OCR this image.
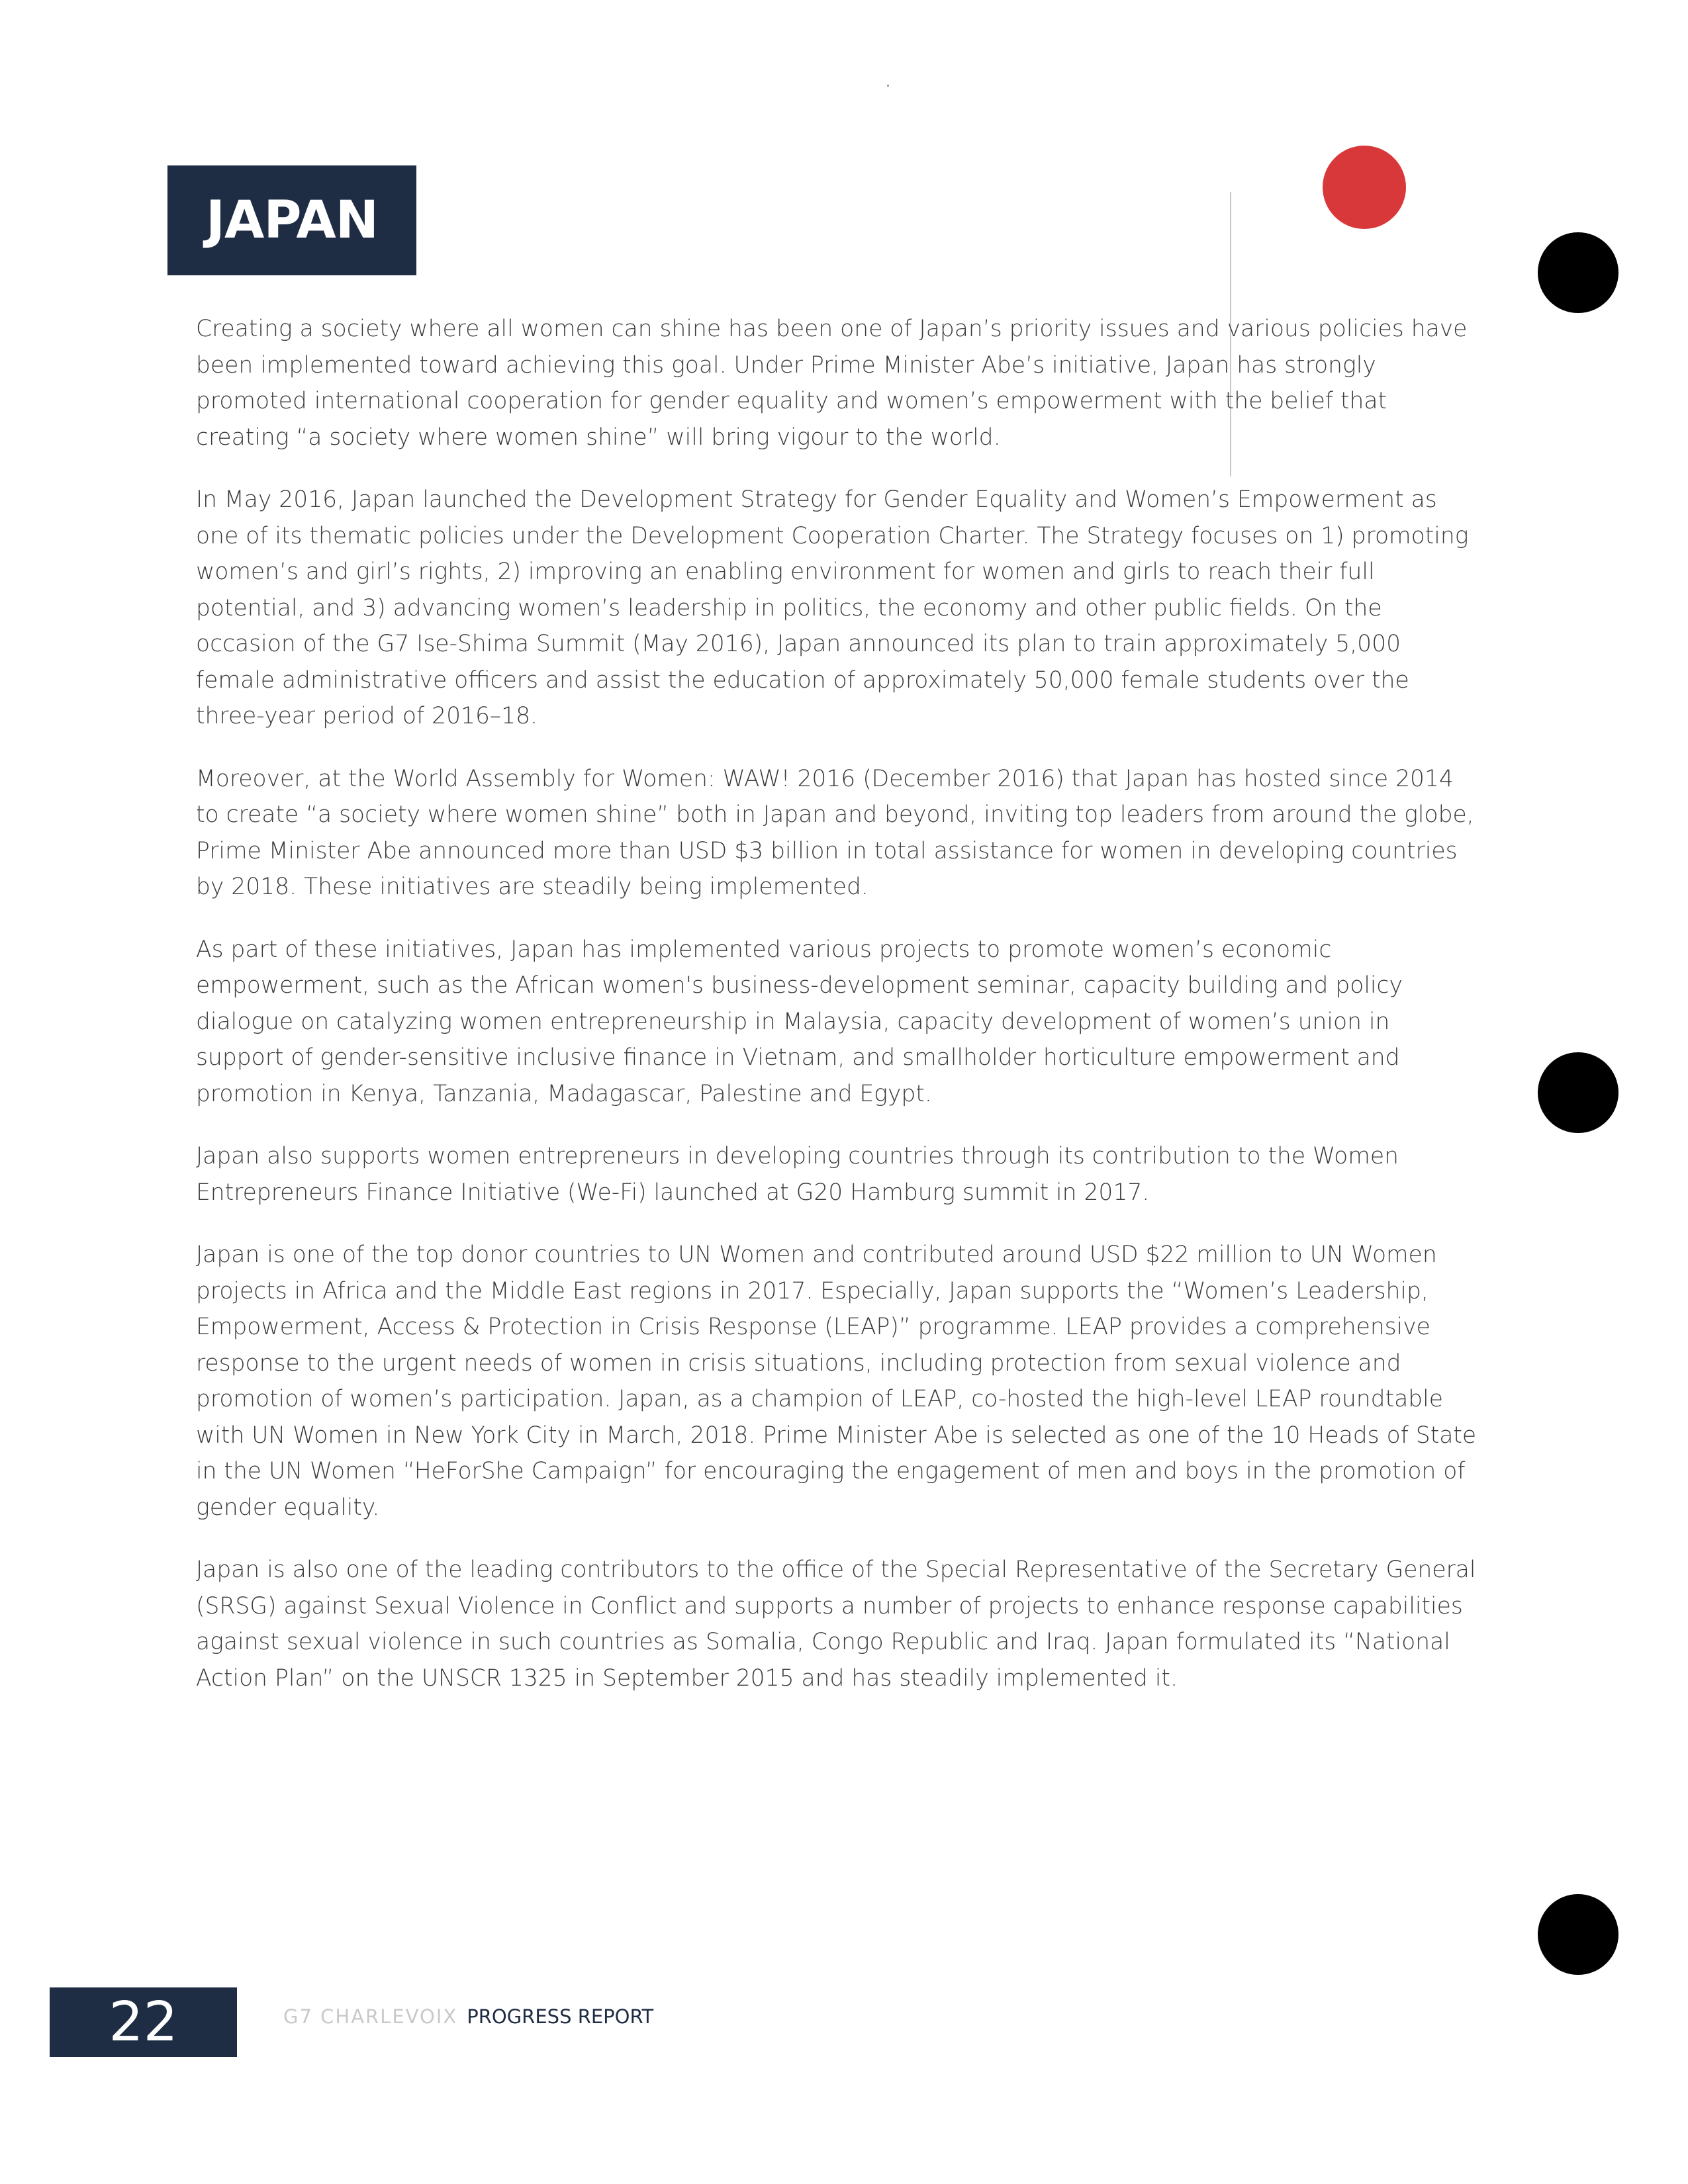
JAPAN

Creating a society where all women can shine has been one of Japan’s priority issues and various policies have been implemented toward achieving this goal. Under Prime Minister Abe’s initiative, Japan has strongly promoted international cooperation for gender equality and women’s empowerment with the belief that creating “a society where women shine” will bring vigour to the world.

In May 2016, Japan launched the Development Strategy for Gender Equality and Women’s Empowerment as one of its thematic policies under the Development Cooperation Charter. The Strategy focuses on 1) promoting women’s and girl’s rights, 2) improving an enabling environment for women and girls to reach their full potential, and 3) advancing women’s leadership in politics, the economy and other public fields. On the occasion of the G7 Ise-Shima Summit (May 2016), Japan announced its plan to train approximately 5,000 female administrative officers and assist the education of approximately 50,000 female students over the three-year period of 2016–18.

Moreover, at the World Assembly for Women: WAW! 2016 (December 2016) that Japan has hosted since 2014 to create “a society where women shine” both in Japan and beyond, inviting top leaders from around the globe, Prime Minister Abe announced more than USD $3 billion in total assistance for women in developing countries by 2018. These initiatives are steadily being implemented.

As part of these initiatives, Japan has implemented various projects to promote women’s economic empowerment, such as the African women's business-development seminar, capacity building and policy dialogue on catalyzing women entrepreneurship in Malaysia, capacity development of women’s union in support of gender-sensitive inclusive finance in Vietnam, and smallholder horticulture empowerment and promotion in Kenya, Tanzania, Madagascar, Palestine and Egypt.

Japan also supports women entrepreneurs in developing countries through its contribution to the Women Entrepreneurs Finance Initiative (We-Fi) launched at G20 Hamburg summit in 2017.

Japan is one of the top donor countries to UN Women and contributed around USD $22 million to UN Women projects in Africa and the Middle East regions in 2017. Especially, Japan supports the “Women’s Leadership, Empowerment, Access & Protection in Crisis Response (LEAP)” programme. LEAP provides a comprehensive response to the urgent needs of women in crisis situations, including protection from sexual violence and promotion of women’s participation. Japan, as a champion of LEAP, co-hosted the high-level LEAP roundtable with UN Women in New York City in March, 2018. Prime Minister Abe is selected as one of the 10 Heads of State in the UN Women “HeForShe Campaign” for encouraging the engagement of men and boys in the promotion of gender equality.

Japan is also one of the leading contributors to the office of the Special Representative of the Secretary General (SRSG) against Sexual Violence in Conflict and supports a number of projects to enhance response capabilities against sexual violence in such countries as Somalia, Congo Republic and Iraq. Japan formulated its “National Action Plan” on the UNSCR 1325 in September 2015 and has steadily implemented it.

22	G7 CHARLEVOIX PROGRESS REPORT
